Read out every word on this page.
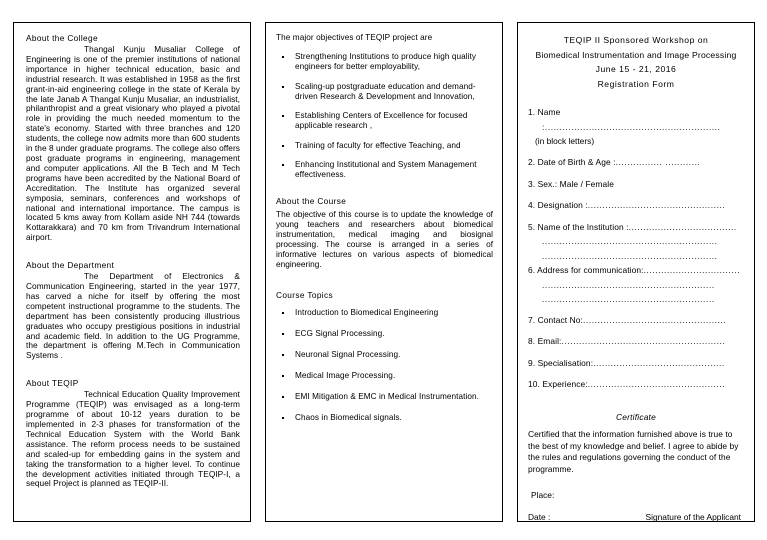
About the College

Thangal Kunju Musaliar College of Engineering is one of the premier institutions of national importance in higher technical education, basic and industrial research. It was established in 1958 as the first grant-in-aid engineering college in the state of Kerala by the late Janab A Thangal Kunju Musaliar, an industrialist, philanthropist and a great visionary who played a pivotal role in providing the much needed momentum to the state's economy. Started with three branches and 120 students, the college now admits more than 600 students in the 8 under graduate programs. The college also offers post graduate programs in engineering, management and computer applications. All the B Tech and M Tech programs have been accredited by the National Board of Accreditation. The Institute has organized several symposia, seminars, conferences and workshops of national and international importance. The campus is located 5 kms away from Kollam aside NH 744 (towards Kottarakkara) and 70 km from Trivandrum International airport.

About the Department

The Department of Electronics & Communication Engineering, started in the year 1977, has carved a niche for itself by offering the most competent instructional programme to the students. The department has been consistently producing illustrious graduates who occupy prestigious positions in industrial and academic field. In addition to the UG Programme, the department is offering M.Tech in Communication Systems .

About TEQIP

Technical Education Quality Improvement Programme (TEQIP) was envisaged as a long-term programme of about 10-12 years duration to be implemented in 2-3 phases for transformation of the Technical Education System with the World Bank assistance. The reform process needs to be sustained and scaled-up for embedding gains in the system and taking the transformation to a higher level. To continue the development activities initiated through TEQIP-I, a sequel Project is planned as TEQIP-II.

The major objectives of TEQIP project are

Strengthening Institutions to produce high quality engineers for better employability,
Scaling-up postgraduate education and demand-driven Research & Development and Innovation,
Establishing Centers of Excellence for focused applicable research ,
Training of faculty for effective Teaching, and
Enhancing Institutional and System Management effectiveness.
About the Course

The objective of this course is to update the knowledge of young teachers and researchers about biomedical instrumentation, medical imaging and biosignal processing. The course is arranged in a series of informative lectures on various aspects of biomedical engineering.

Course Topics
Introduction to Biomedical Engineering
ECG Signal Processing.
Neuronal Signal Processing.
Medical Image Processing.
EMI Mitigation & EMC in Medical Instrumentation.
Chaos in Biomedical signals.
TEQIP II Sponsored Workshop on
Biomedical Instrumentation and Image Processing
June 15 - 21, 2016
Registration Form
1. Name
:............................................................
(in block letters)
2. Date of Birth & Age :................ ............
3. Sex.: Male / Female
4. Designation :...............................................
5. Name of the Institution :.....................................
............................................................
............................................................
6. Address for communication:.................................
...........................................................
...........................................................
7. Contact No:.................................................
8. Email:........................................................
9. Specialisation:.............................................
10. Experience:...............................................
Certificate

Certified that the information furnished above is true to the best of my knowledge and belief. I agree to abide by the rules and regulations governing the conduct of the programme.

Place:
Date :	Signature of the Applicant
